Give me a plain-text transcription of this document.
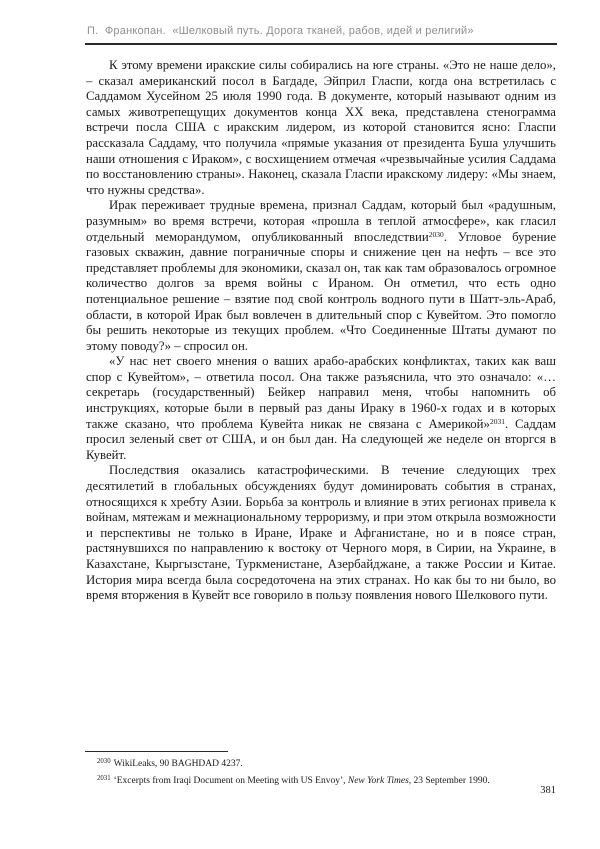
П.  Франкопан.  «Шелковый путь. Дорога тканей, рабов, идей и религий»

К этому времени иракские силы собирались на юге страны. «Это не наше дело», – сказал американский посол в Багдаде, Эйприл Гласпи, когда она встретилась с Саддамом Хусейном 25 июля 1990 года. В документе, который называют одним из самых животрепещущих документов конца XX века, представлена стенограмма встречи посла США с иракским лидером, из которой становится ясно: Гласпи рассказала Саддаму, что получила «прямые указания от президента Буша улучшить наши отношения с Ираком», с восхищением отмечая «чрезвычайные усилия Саддама по восстановлению страны». Наконец, сказала Гласпи иракскому лидеру: «Мы знаем, что нужны средства».

Ирак переживает трудные времена, признал Саддам, который был «радушным, разумным» во время встречи, которая «прошла в теплой атмосфере», как гласил отдельный меморандумом, опубликованный впоследствии$^{2030}$. Угловое бурение газовых скважин, давние пограничные споры и снижение цен на нефть – все это представляет проблемы для экономики, сказал он, так как там образовалось огромное количество долгов за время войны с Ираном. Он отметил, что есть одно потенциальное решение – взятие под свой контроль водного пути в Шатт-эль-Араб, области, в которой Ирак был вовлечен в длительный спор с Кувейтом. Это помогло бы решить некоторые из текущих проблем. «Что Соединенные Штаты думают по этому поводу?» – спросил он.

«У нас нет своего мнения о ваших арабо-арабских конфликтах, таких как ваш спор с Кувейтом», – ответила посол. Она также разъяснила, что это означало: «…секретарь (государственный) Бейкер направил меня, чтобы напомнить об инструкциях, которые были в первый раз даны Ираку в 1960-х годах и в которых также сказано, что проблема Кувейта никак не связана с Америкой»$^{2031}$. Саддам просил зеленый свет от США, и он был дан. На следующей же неделе он вторгся в Кувейт.

Последствия оказались катастрофическими. В течение следующих трех десятилетий в глобальных обсуждениях будут доминировать события в странах, относящихся к хребту Азии. Борьба за контроль и влияние в этих регионах привела к войнам, мятежам и межнациональному терроризму, и при этом открыла возможности и перспективы не только в Иране, Ираке и Афганистане, но и в поясе стран, растянувшихся по направлению к востоку от Черного моря, в Сирии, на Украине, в Казахстане, Кыргызстане, Туркменистане, Азербайджане, а также России и Китае. История мира всегда была сосредоточена на этих странах. Но как бы то ни было, во время вторжения в Кувейт все говорило в пользу появления нового Шелкового пути.

$^{2030}$ WikiLeaks, 90 BAGHDAD 4237.

$^{2031}$ ‘Excerpts from Iraqi Document on Meeting with US Envoy’, New York Times, 23 September 1990.

381
